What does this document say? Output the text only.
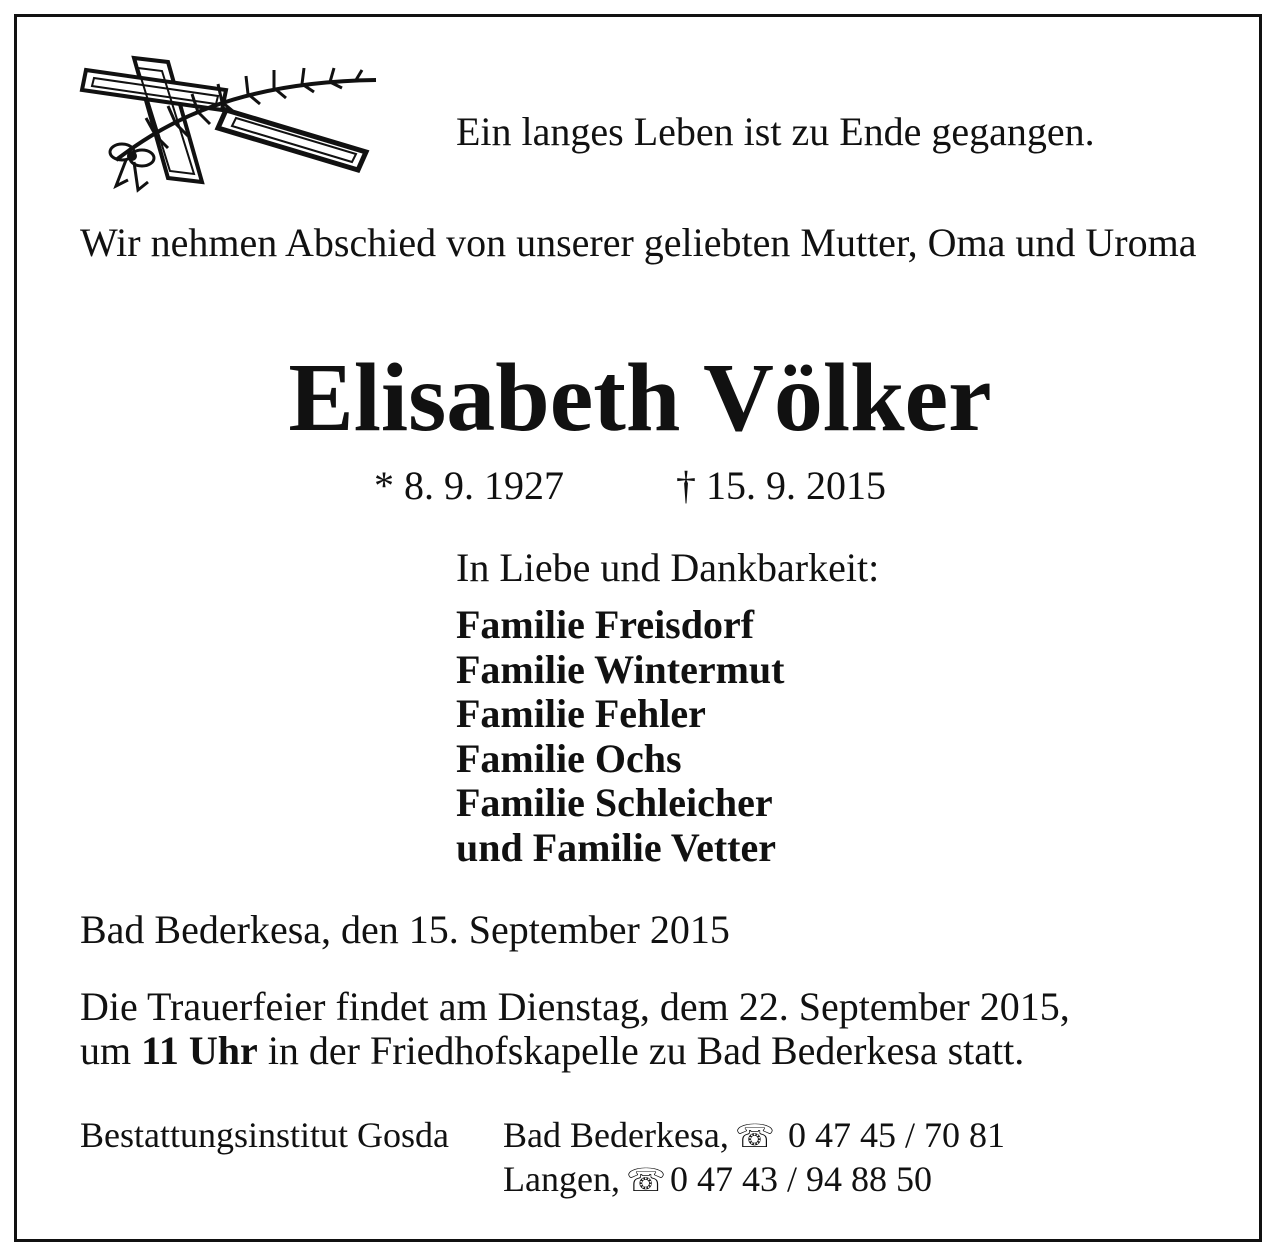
Ein langes Leben ist zu Ende gegangen.
Wir nehmen Abschied von unserer geliebten Mutter, Oma und Uroma
Elisabeth Völker
* 8. 9. 1927	† 15. 9. 2015
In Liebe und Dankbarkeit:
Familie Freisdorf
Familie Wintermut
Familie Fehler
Familie Ochs
Familie Schleicher
und Familie Vetter
Bad Bederkesa, den 15. September 2015
Die Trauerfeier findet am Dienstag, dem 22. September 2015,
um 11 Uhr in der Friedhofskapelle zu Bad Bederkesa statt.
Bestattungsinstitut Gosda Bad Bederkesa, ☏ 0 47 45 / 70 81
Langen, ☏ 0 47 43 / 94 88 50
